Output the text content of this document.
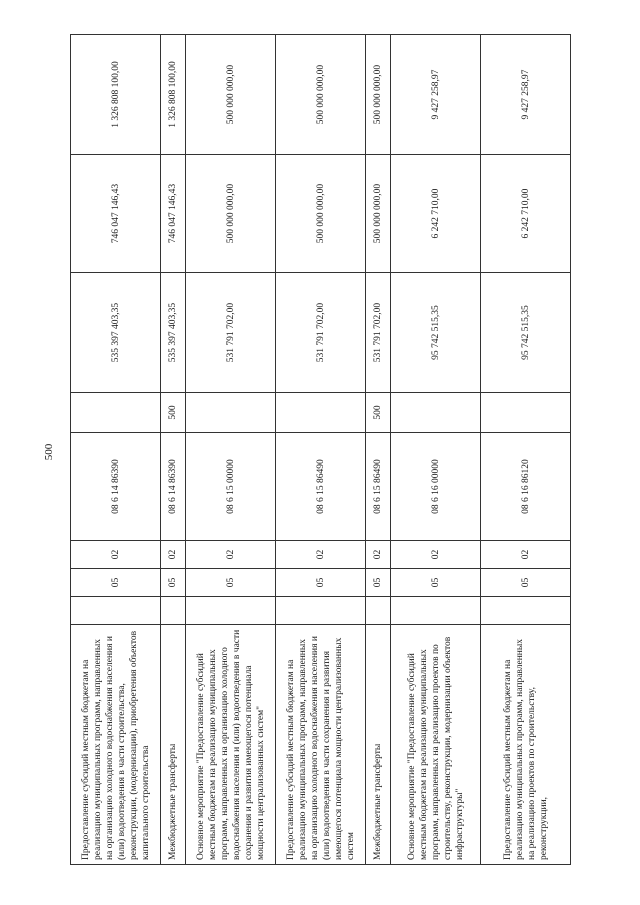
500
Предоставление субсидий местным бюджетам на реализацию муниципальных программ, направленных на организацию холодного водоснабжения населения и (или) водоотведения в части строительства, реконструкции, (модернизации), приобретения объектов капитального строительства		05	02	08 6 14 86390		535 397 403,35	746 047 146,43	1 326 808 100,00
Межбюджетные трансферты		05	02	08 6 14 86390	500	535 397 403,35	746 047 146,43	1 326 808 100,00
Основное мероприятие "Предоставление субсидий местным бюджетам на реализацию муниципальных программ, направленных на организацию холодного водоснабжения населения и (или) водоотведения в части сохранения и развития имеющегося потенциала мощности централизованных систем"		05	02	08 6 15 00000		531 791 702,00	500 000 000,00	500 000 000,00
Предоставление субсидий местным бюджетам на реализацию муниципальных программ, направленных на организацию холодного водоснабжения населения и (или) водоотведения в части сохранения и развития имеющегося потенциала мощности централизованных систем		05	02	08 6 15 86490		531 791 702,00	500 000 000,00	500 000 000,00
Межбюджетные трансферты		05	02	08 6 15 86490	500	531 791 702,00	500 000 000,00	500 000 000,00
Основное мероприятие "Предоставление субсидий местным бюджетам на реализацию муниципальных программ, направленных на реализацию проектов по строительству, реконструкции, модернизации объектов инфраструктуры"		05	02	08 6 16 00000		95 742 515,35	6 242 710,00	9 427 258,97
Предоставление субсидий местным бюджетам на реализацию муниципальных программ, направленных на реализацию проектов по строительству, реконструкции,		05	02	08 6 16 86120		95 742 515,35	6 242 710,00	9 427 258,97
